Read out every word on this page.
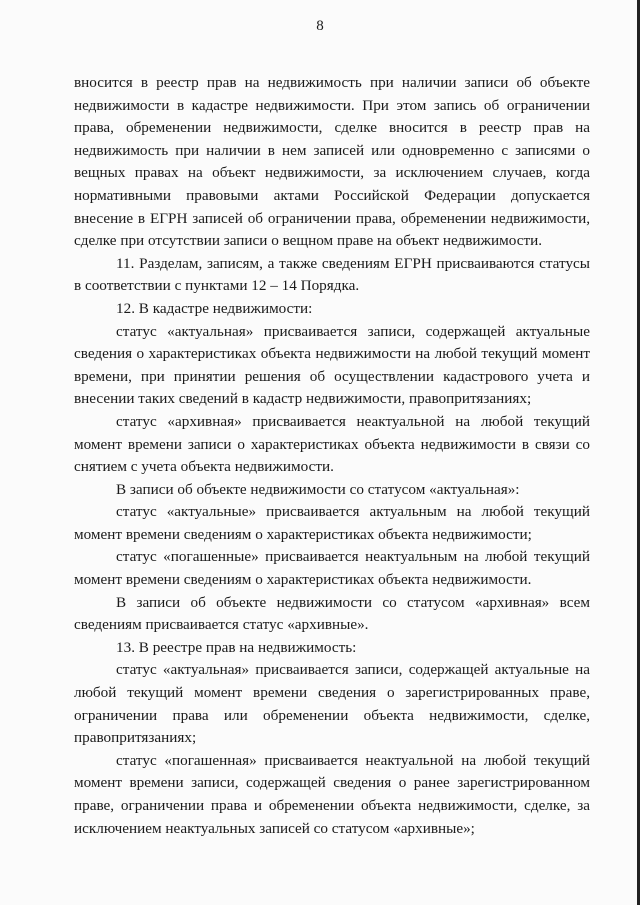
8

вносится в реестр прав на недвижимость при наличии записи об объекте недвижимости в кадастре недвижимости. При этом запись об ограничении права, обременении недвижимости, сделке вносится в реестр прав на недвижимость при наличии в нем записей или одновременно с записями о вещных правах на объект недвижимости, за исключением случаев, когда нормативными правовыми актами Российской Федерации допускается внесение в ЕГРН записей об ограничении права, обременении недвижимости, сделке при отсутствии записи о вещном праве на объект недвижимости.

11. Разделам, записям, а также сведениям ЕГРН присваиваются статусы в соответствии с пунктами 12 – 14 Порядка.

12. В кадастре недвижимости:

статус «актуальная» присваивается записи, содержащей актуальные сведения о характеристиках объекта недвижимости на любой текущий момент времени, при принятии решения об осуществлении кадастрового учета и внесении таких сведений в кадастр недвижимости, правопритязаниях;

статус «архивная» присваивается неактуальной на любой текущий момент времени записи о характеристиках объекта недвижимости в связи со снятием с учета объекта недвижимости.

В записи об объекте недвижимости со статусом «актуальная»:

статус «актуальные» присваивается актуальным на любой текущий момент времени сведениям о характеристиках объекта недвижимости;

статус «погашенные» присваивается неактуальным на любой текущий момент времени сведениям о характеристиках объекта недвижимости.

В записи об объекте недвижимости со статусом «архивная» всем сведениям присваивается статус «архивные».

13. В реестре прав на недвижимость:

статус «актуальная» присваивается записи, содержащей актуальные на любой текущий момент времени сведения о зарегистрированных праве, ограничении права или обременении объекта недвижимости, сделке, правопритязаниях;

статус «погашенная» присваивается неактуальной на любой текущий момент времени записи, содержащей сведения о ранее зарегистрированном праве, ограничении права и обременении объекта недвижимости, сделке, за исключением неактуальных записей со статусом «архивные»;
